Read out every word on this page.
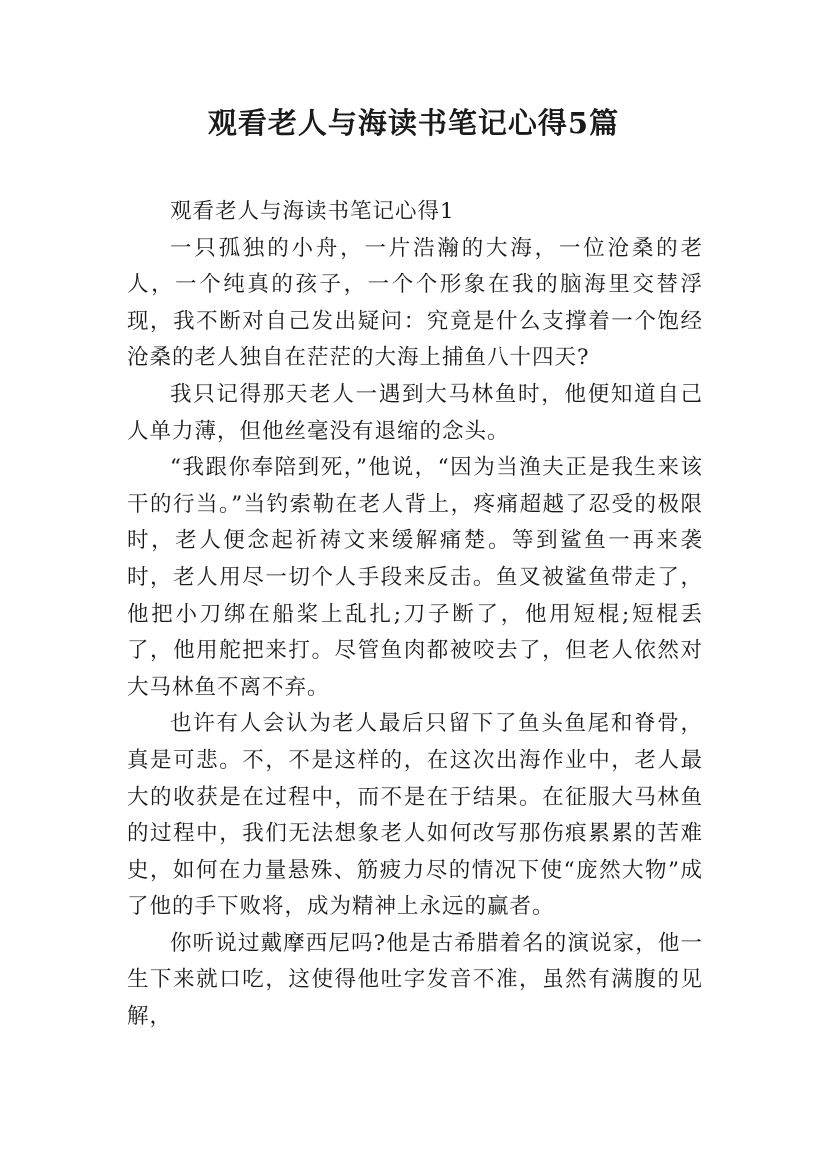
观看老人与海读书笔记心得5篇

观看老人与海读书笔记心得1

一只孤独的小舟，一片浩瀚的大海，一位沧桑的老人，一个纯真的孩子，一个个形象在我的脑海里交替浮现，我不断对自己发出疑问：究竟是什么支撑着一个饱经沧桑的老人独自在茫茫的大海上捕鱼八十四天?

我只记得那天老人一遇到大马林鱼时，他便知道自己人单力薄，但他丝毫没有退缩的念头。

“我跟你奉陪到死，”他说，“因为当渔夫正是我生来该干的行当。”当钓索勒在老人背上，疼痛超越了忍受的极限时，老人便念起祈祷文来缓解痛楚。等到鲨鱼一再来袭时，老人用尽一切个人手段来反击。鱼叉被鲨鱼带走了，他把小刀绑在船桨上乱扎;刀子断了，他用短棍;短棍丢了，他用舵把来打。尽管鱼肉都被咬去了，但老人依然对大马林鱼不离不弃。

也许有人会认为老人最后只留下了鱼头鱼尾和脊骨，真是可悲。不，不是这样的，在这次出海作业中，老人最大的收获是在过程中，而不是在于结果。在征服大马林鱼的过程中，我们无法想象老人如何改写那伤痕累累的苦难史，如何在力量悬殊、筋疲力尽的情况下使“庞然大物”成了他的手下败将，成为精神上永远的赢者。

你听说过戴摩西尼吗?他是古希腊着名的演说家，他一生下来就口吃，这使得他吐字发音不准，虽然有满腹的见解，
